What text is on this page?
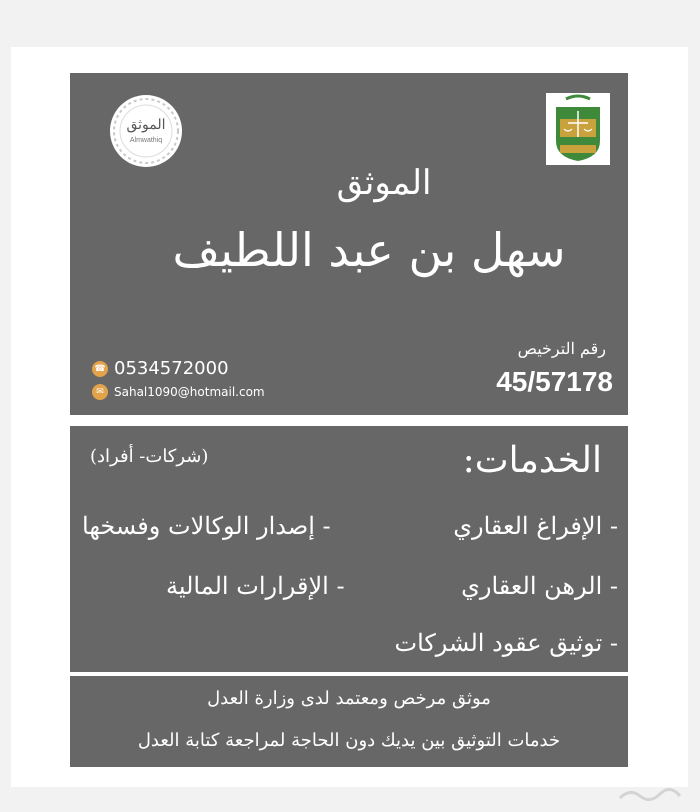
الموثق
Almwathiq
الموثق
سهل بن عبد اللطيف
☎ 0534572000
✉ Sahal1090@hotmail.com
رقم الترخيص
45/57178
الخدمات:
(شركات- أفراد)
- الإفراغ العقاري
- الرهن العقاري
- توثيق عقود الشركات
- إصدار الوكالات وفسخها
- الإقرارات المالية
موثق مرخص ومعتمد لدى وزارة العدل
خدمات التوثيق بين يديك دون الحاجة لمراجعة كتابة العدل
